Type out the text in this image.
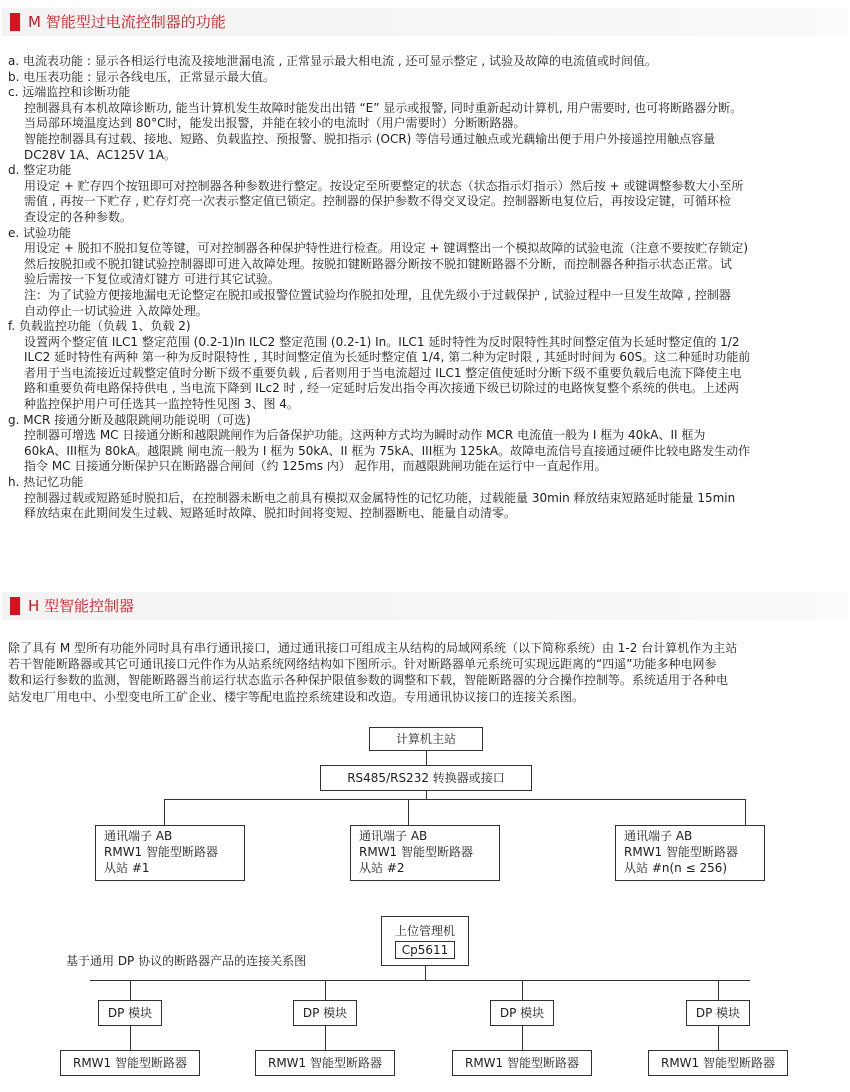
M 智能型过电流控制器的功能
a. 电流表功能 : 显示各相运行电流及接地泄漏电流 , 正常显示最大相电流 , 还可显示整定 , 试验及故障的电流值或时间值。
b. 电压表功能 : 显示各线电压，正常显示最大值。
c. 远端监控和诊断功能
控制器具有本机故障诊断功, 能当计算机发生故障时能发出出错 “E” 显示或报警, 同时重新起动计算机, 用户需要时, 也可将断路器分断。
当局部环境温度达到 80°C时，能发出报警，并能在较小的电流时（用户需要时）分断断路器。
智能控制器具有过载、接地、短路、负载监控、预报警、脱扣指示 (OCR) 等信号通过触点或光藕输出便于用户外接遥控用触点容量
DC28V 1A、AC125V 1A。
d. 整定功能
用设定 + 贮存四个按钮即可对控制器各种参数进行整定。按设定至所要整定的状态（状态指示灯指示）然后按 + 或键调整参数大小至所
需值 , 再按一下贮存 , 贮存灯亮一次表示整定值已锁定。控制器的保护参数不得交叉设定。控制器断电复位后，再按设定键，可循环检
查设定的各种参数。
e. 试验功能
用设定 + 脱扣不脱扣复位等键，可对控制器各种保护特性进行检查。用设定 + 键调整出一个模拟故障的试验电流（注意不要按贮存锁定)
然后按脱扣或不脱扣键试验控制器即可进入故障处理。按脱扣键断路器分断按不脱扣键断路器不分断，而控制器各种指示状态正常。试
验后需按一下复位或清灯键方 可进行其它试验。
注：为了试验方便接地漏电无论整定在脱扣或报警位置试验均作脱扣处理，且优先级小于过载保护 , 试验过程中一旦发生故障 , 控制器
自动停止一切试验进 入故障处理。
f. 负载监控功能（负载 1、负载 2)
设置两个整定值 ILC1 整定范围 (0.2-1)In ILC2 整定范围 (0.2-1) In。ILC1 延时特性为反时限特性其时间整定值为长延时整定值的 1/2
ILC2 延时特性有两种 第一种为反时限特性 , 其时间整定值为长延时整定值 1/4, 第二种为定时限 , 其延时时间为 60S。这二种延时功能前
者用于当电流接近过载整定值时分断下级不重要负载 , 后者则用于当电流超过 ILC1 整定值使延时分断下级不重要负载后电流下降使主电
路和重要负荷电路保持供电 , 当电流下降到 ILc2 时 , 经一定延时后发出指令再次接通下级已切除过的电路恢复整个系统的供电。上述两
种监控保护用户可任选其一监控特性见图 3、图 4。
g. MCR 接通分断及越限跳闸功能说明（可选)
控制器可增选 MC 日接通分断和越限跳闸作为后备保护功能。这两种方式均为瞬时动作 MCR 电流值一般为 I 框为 40kA、II 框为
60kA、III框为 80kA。越限跳 闸电流一般为 I 框为 50kA、II 框为 75kA、III框为 125kA。故障电流信号直接通过硬件比较电路发生动作
指令 MC 日接通分断保护只在断路器合闸间（约 125ms 内） 起作用，而越限跳闸功能在运行中一直起作用。
h. 热记忆功能
控制器过载或短路延时脱扣后，在控制器未断电之前具有模拟双金属特性的记忆功能，过载能量 30min 释放结束短路延时能量 15min
释放结束在此期间发生过载、短路延时故障、脱扣时间将变短、控制器断电、能量自动清零。
H 型智能控制器
除了具有 M 型所有功能外同时具有串行通讯接口，通过通讯接口可组成主从结构的局域网系统（以下简称系统）由 1-2 台计算机作为主站
若干智能断路器或其它可通讯接口元件作为从站系统网络结构如下图所示。针对断路器单元系统可实现远距离的“四遥”功能多种电网参
数和运行参数的监测，智能断路器当前运行状态监示各种保护限值参数的调整和下载，智能断路器的分合操作控制等。系统适用于各种电
站发电厂用电中、小型变电所工矿企业、楼宇等配电监控系统建设和改造。专用通讯协议接口的连接关系图。
计算机主站
RS485/RS232 转换器或接口
通讯端子 AB
RMW1 智能型断路器
从站 #1
通讯端子 AB
RMW1 智能型断路器
从站 #2
通讯端子 AB
RMW1 智能型断路器
从站 #n(n ≤ 256)
上位管理机
Cp5611
基于通用 DP 协议的断路器产品的连接关系图
DP 模块	DP 模块	DP 模块	DP 模块
RMW1 智能型断路器	RMW1 智能型断路器	RMW1 智能型断路器	RMW1 智能型断路器
